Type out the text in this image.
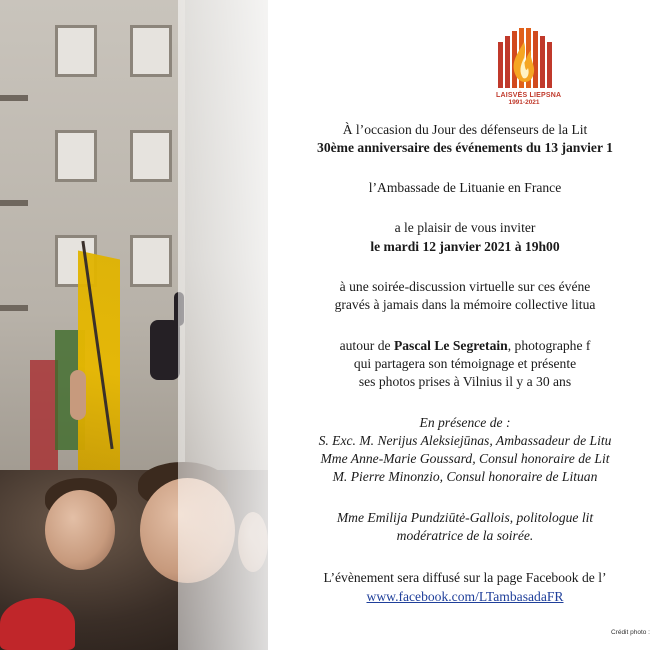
LAISVĖS LIEPSNA
1991-2021
À l’occasion du Jour des défenseurs de la Lit
30ème anniversaire des événements du 13 janvier 1
l’Ambassade de Lituanie en France
a le plaisir de vous inviter
le mardi 12 janvier 2021 à 19h00
à une soirée-discussion virtuelle sur ces événe
gravés à jamais dans la mémoire collective litua
autour de Pascal Le Segretain, photographe f
qui partagera son témoignage et présente
ses photos prises à Vilnius il y a 30 ans
En présence de :
S. Exc. M. Nerijus Aleksiejūnas, Ambassadeur de Litu
Mme Anne-Marie Goussard, Consul honoraire de Lit
M. Pierre Minonzio, Consul honoraire de Lituan
Mme Emilija Pundziūtė-Gallois, politologue lit
modératrice de la soirée.
L’évènement sera diffusé sur la page Facebook de l’
www.facebook.com/LTambasadaFR
Crédit photo :
